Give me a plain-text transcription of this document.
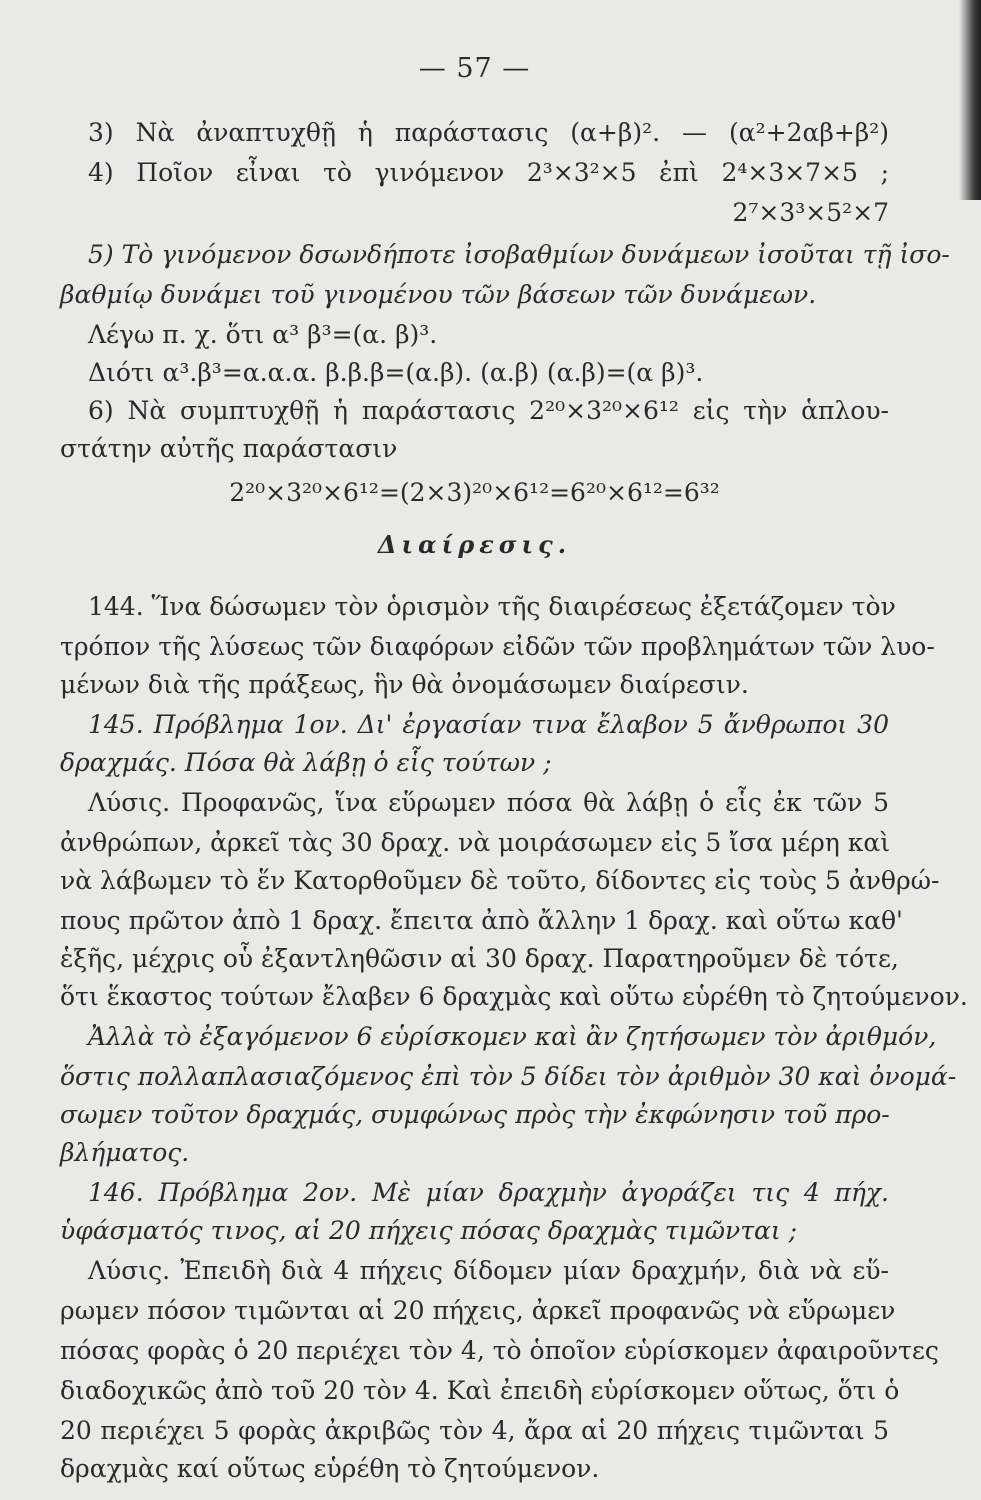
— 57 —
3) Νὰ ἀναπτυχθῇ ἡ παράστασις (α+β)². — (α²+2αβ+β²)
4) Ποῖον εἶναι τὸ γινόμενον 2³×3²×5 ἐπὶ 2⁴×3×7×5 ;
2⁷×3³×5²×7
5) Τὸ γινόμενον δσωνδήποτε ἰσοβαθμίων δυνάμεων ἰσοῦται τῇ ἰσο-
βαθμίῳ δυνάμει τοῦ γινομένου τῶν βάσεων τῶν δυνάμεων.
Λέγω π. χ. ὅτι α³ β³=(α. β)³.
Διότι α³.β³=α.α.α. β.β.β=(α.β). (α.β) (α.β)=(α β)³.
6) Νὰ συμπτυχθῇ ἡ παράστασις 2²⁰×3²⁰×6¹² εἰς τὴν ἁπλου-
στάτην αὐτῆς παράστασιν
2²⁰×3²⁰×6¹²=(2×3)²⁰×6¹²=6²⁰×6¹²=6³²
Διαίρεσις.
144. Ἵνα δώσωμεν τὸν ὁρισμὸν τῆς διαιρέσεως ἐξετάζομεν τὸν
τρόπον τῆς λύσεως τῶν διαφόρων εἰδῶν τῶν προβλημάτων τῶν λυο-
μένων διὰ τῆς πράξεως, ἣν θὰ ὀνομάσωμεν διαίρεσιν.
145. Πρόβλημα 1ον. Δι' ἐργασίαν τινα ἔλαβον 5 ἄνθρωποι 30
δραχμάς. Πόσα θὰ λάβῃ ὁ εἷς τούτων ;
Λύσις. Προφανῶς, ἵνα εὕρωμεν πόσα θὰ λάβῃ ὁ εἷς ἐκ τῶν 5
ἀνθρώπων, ἀρκεῖ τὰς 30 δραχ. νὰ μοιράσωμεν εἰς 5 ἴσα μέρη καὶ
νὰ λάβωμεν τὸ ἕν Κατορθοῦμεν δὲ τοῦτο, δίδοντες εἰς τοὺς 5 ἀνθρώ-
πους πρῶτον ἀπὸ 1 δραχ. ἔπειτα ἀπὸ ἄλλην 1 δραχ. καὶ οὕτω καθ'
ἑξῆς, μέχρις οὗ ἐξαντληθῶσιν αἱ 30 δραχ. Παρατηροῦμεν δὲ τότε,
ὅτι ἕκαστος τούτων ἔλαβεν 6 δραχμὰς καὶ οὕτω εὑρέθη τὸ ζητούμενον.
Ἀλλὰ τὸ ἐξαγόμενον 6 εὑρίσκομεν καὶ ἂν ζητήσωμεν τὸν ἀριθμόν,
ὅστις πολλαπλασιαζόμενος ἐπὶ τὸν 5 δίδει τὸν ἀριθμὸν 30 καὶ ὀνομά-
σωμεν τοῦτον δραχμάς, συμφώνως πρὸς τὴν ἐκφώνησιν τοῦ προ-
βλήματος.
146. Πρόβλημα 2ον. Μὲ μίαν δραχμὴν ἀγοράζει τις 4 πήχ.
ὑφάσματός τινος, αἱ 20 πήχεις πόσας δραχμὰς τιμῶνται ;
Λύσις. Ἐπειδὴ διὰ 4 πήχεις δίδομεν μίαν δραχμήν, διὰ νὰ εὕ-
ρωμεν πόσον τιμῶνται αἱ 20 πήχεις, ἀρκεῖ προφανῶς νὰ εὕρωμεν
πόσας φορὰς ὁ 20 περιέχει τὸν 4, τὸ ὁποῖον εὑρίσκομεν ἀφαιροῦντες
διαδοχικῶς ἀπὸ τοῦ 20 τὸν 4. Καὶ ἐπειδὴ εὑρίσκομεν οὕτως, ὅτι ὁ
20 περιέχει 5 φορὰς ἀκριβῶς τὸν 4, ἄρα αἱ 20 πήχεις τιμῶνται 5
δραχμὰς καί οὕτως εὑρέθη τὸ ζητούμενον.
